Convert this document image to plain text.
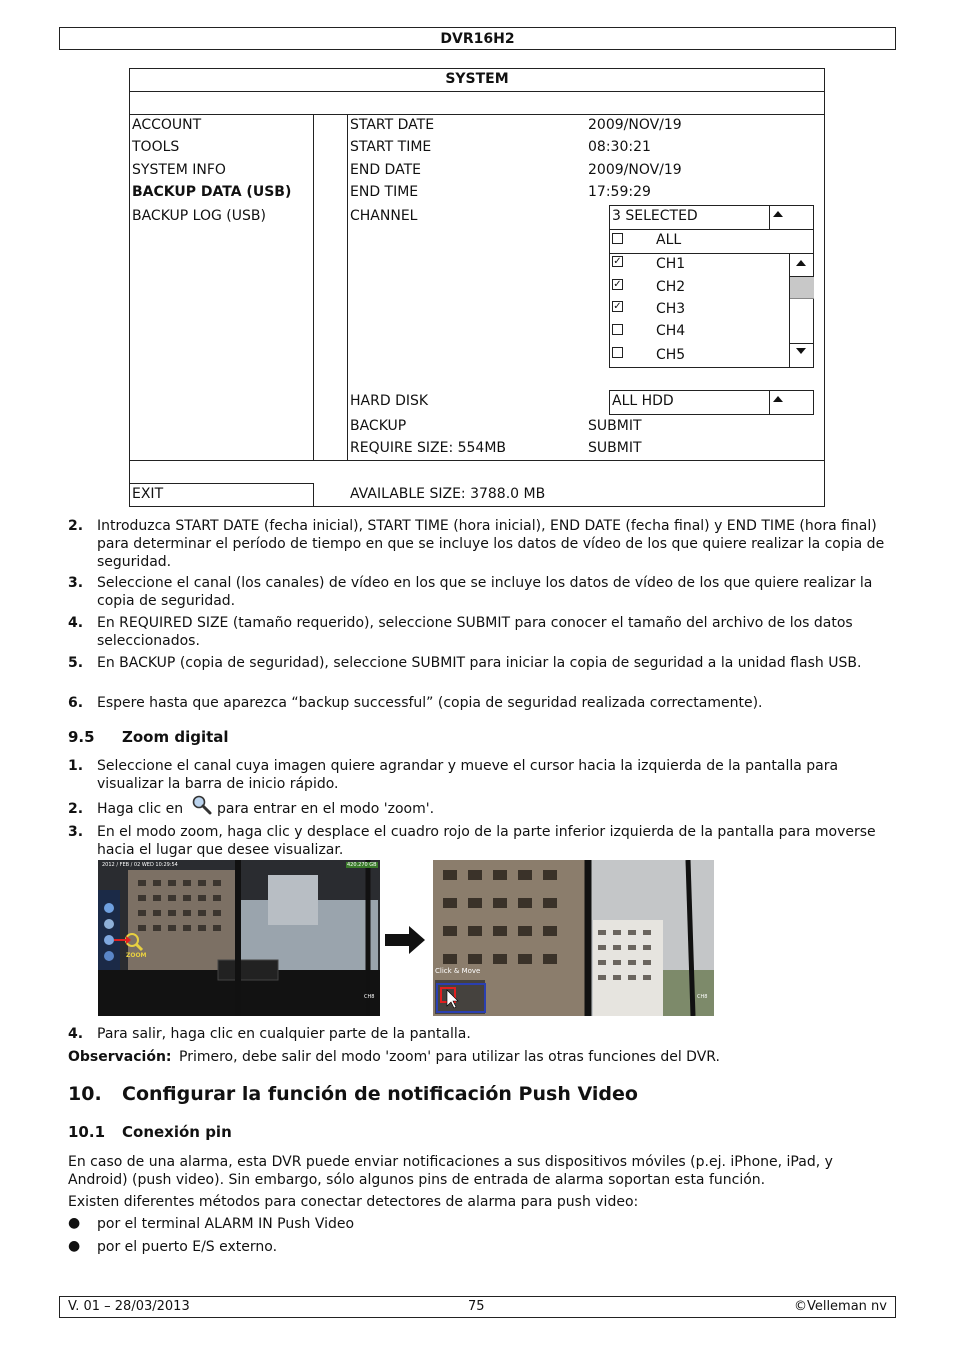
DVR16H2
SYSTEM
ACCOUNT
TOOLS
SYSTEM INFO
BACKUP DATA (USB)
BACKUP LOG (USB)
EXIT
START DATE	2009/NOV/19
START TIME	08:30:21
END DATE	2009/NOV/19
END TIME	17:59:29
CHANNEL	3 SELECTED
ALL
✓ CH1
✓ CH2
✓ CH3
CH4
CH5
HARD DISK	ALL HDD
BACKUP	SUBMIT
REQUIRE SIZE: 554MB	SUBMIT
AVAILABLE SIZE: 3788.0 MB
2. Introduzca START DATE (fecha inicial), START TIME (hora inicial), END DATE (fecha final) y END TIME (hora final) para determinar el período de tiempo en que se incluye los datos de vídeo de los que quiere realizar la copia de seguridad.
3. Seleccione el canal (los canales) de vídeo en los que se incluye los datos de vídeo de los que quiere realizar la copia de seguridad.
4. En REQUIRED SIZE (tamaño requerido), seleccione SUBMIT para conocer el tamaño del archivo de los datos seleccionados.
5. En BACKUP (copia de seguridad), seleccione SUBMIT para iniciar la copia de seguridad a la unidad flash USB.
6. Espere hasta que aparezca “backup successful” (copia de seguridad realizada correctamente).
9.5 Zoom digital
1. Seleccione el canal cuya imagen quiere agrandar y mueve el cursor hacia la izquierda de la pantalla para visualizar la barra de inicio rápido.
2. Haga clic en para entrar en el modo 'zoom'.
3. En el modo zoom, haga clic y desplace el cuadro rojo de la parte inferior izquierda de la pantalla para moverse hacia el lugar que desee visualizar.
2012 / FEB / 02 WED 10:29:54	420.270 GB
ZOOM
CH8
Click & Move
CH8
4. Para salir, haga clic en cualquier parte de la pantalla.
Observación: Primero, debe salir del modo 'zoom' para utilizar las otras funciones del DVR.
10. Configurar la función de notificación Push Video
10.1 Conexión pin
En caso de una alarma, esta DVR puede enviar notificaciones a sus dispositivos móviles (p.ej. iPhone, iPad, y Android) (push video). Sin embargo, sólo algunos pins de entrada de alarma soportan esta función.
Existen diferentes métodos para conectar detectores de alarma para push video:
● por el terminal ALARM IN Push Video
● por el puerto E/S externo.
V. 01 – 28/03/2013	75	©Velleman nv
